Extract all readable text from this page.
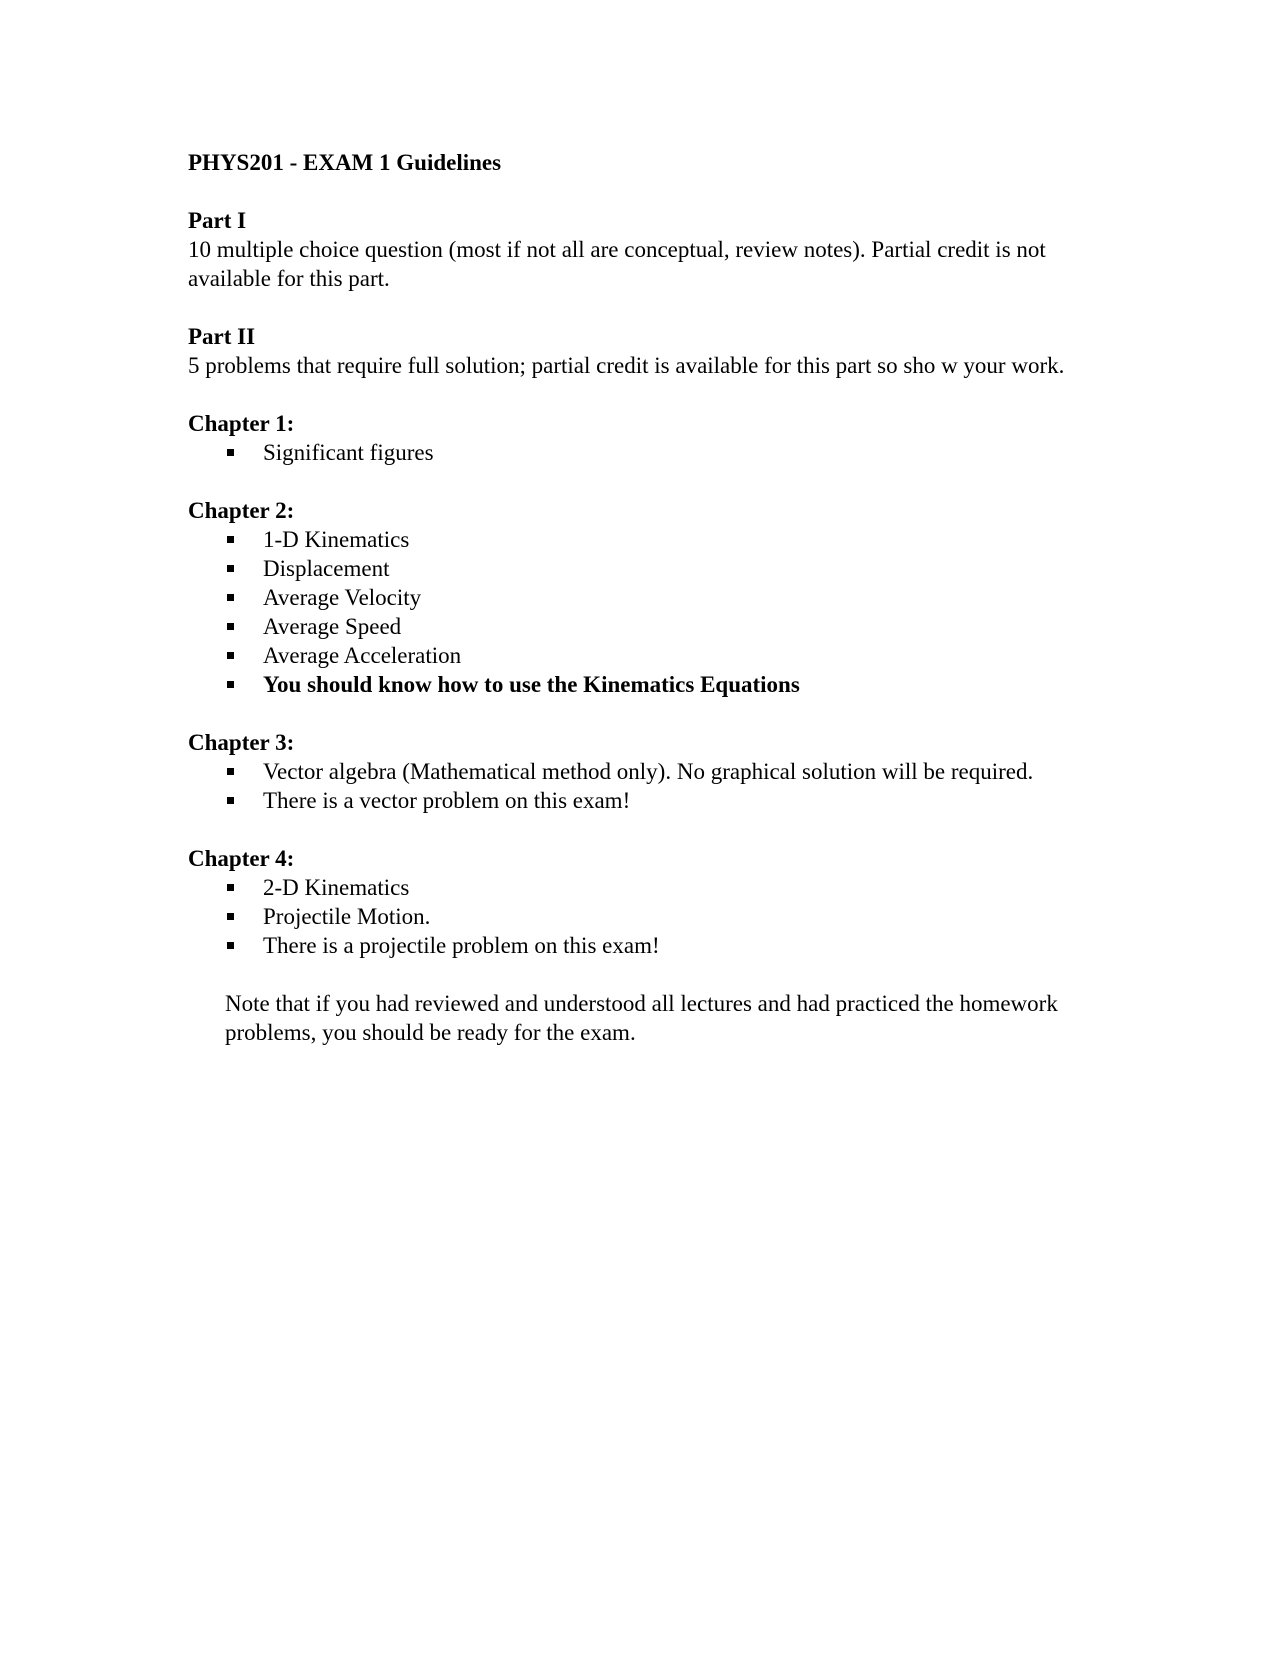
PHYS201 - EXAM 1 Guidelines
Part I

10 multiple choice question (most if not all are conceptual, review notes). Partial credit is not available for this part.

Part II

5 problems that require full solution; partial credit is available for this part so sho w your work.

Chapter 1:
Significant figures
Chapter 2:
1-D Kinematics
Displacement
Average Velocity
Average Speed
Average Acceleration
You should know how to use the Kinematics Equations
Chapter 3:
Vector algebra (Mathematical method only). No graphical solution will be required.
There is a vector problem on this exam!
Chapter 4:
2-D Kinematics
Projectile Motion.
There is a projectile problem on this exam!

Note that if you had reviewed and understood all lectures and had practiced the homework problems, you should be ready for the exam.
